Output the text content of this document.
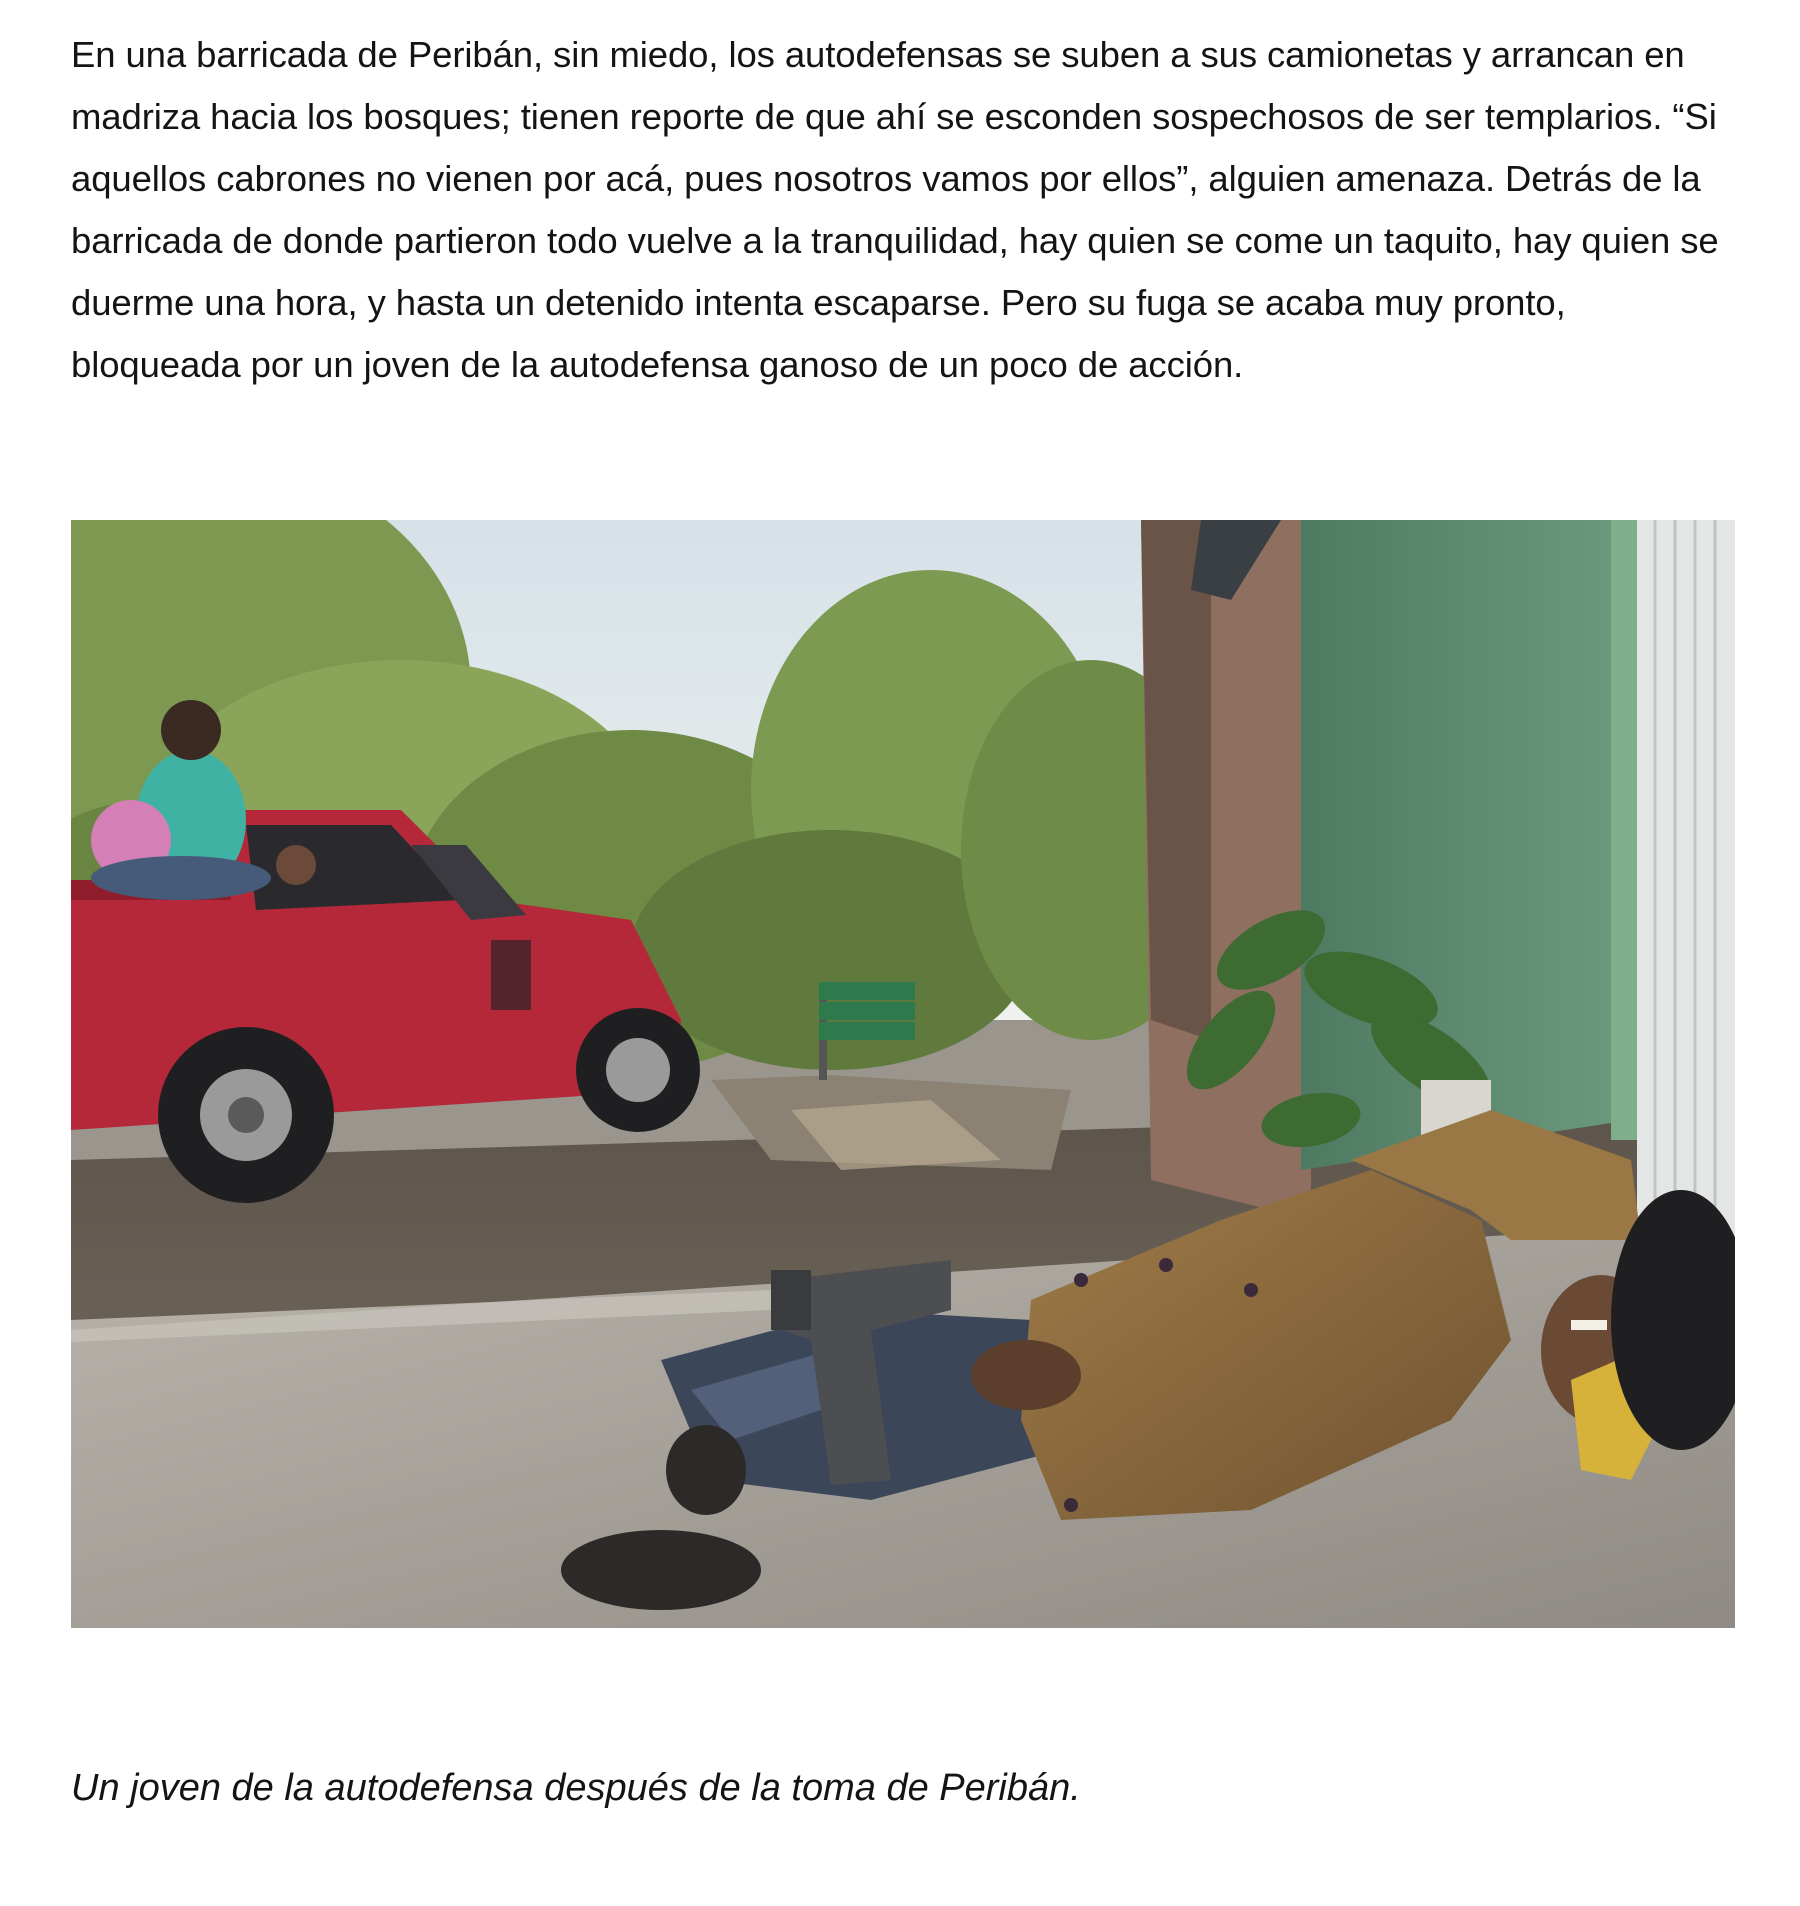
En una barricada de Peribán, sin miedo, los autodefensas se suben a sus camionetas y arrancan en madriza hacia los bosques; tienen reporte de que ahí se esconden sospechosos de ser templarios. “Si aquellos cabrones no vienen por acá, pues nosotros vamos por ellos”, alguien amenaza. Detrás de la barricada de donde partieron todo vuelve a la tranquilidad, hay quien se come un taquito, hay quien se duerme una hora, y hasta un detenido intenta escaparse. Pero su fuga se acaba muy pronto, bloqueada por un joven de la autodefensa ganoso de un poco de acción.

Un joven de la autodefensa después de la toma de Peribán.
